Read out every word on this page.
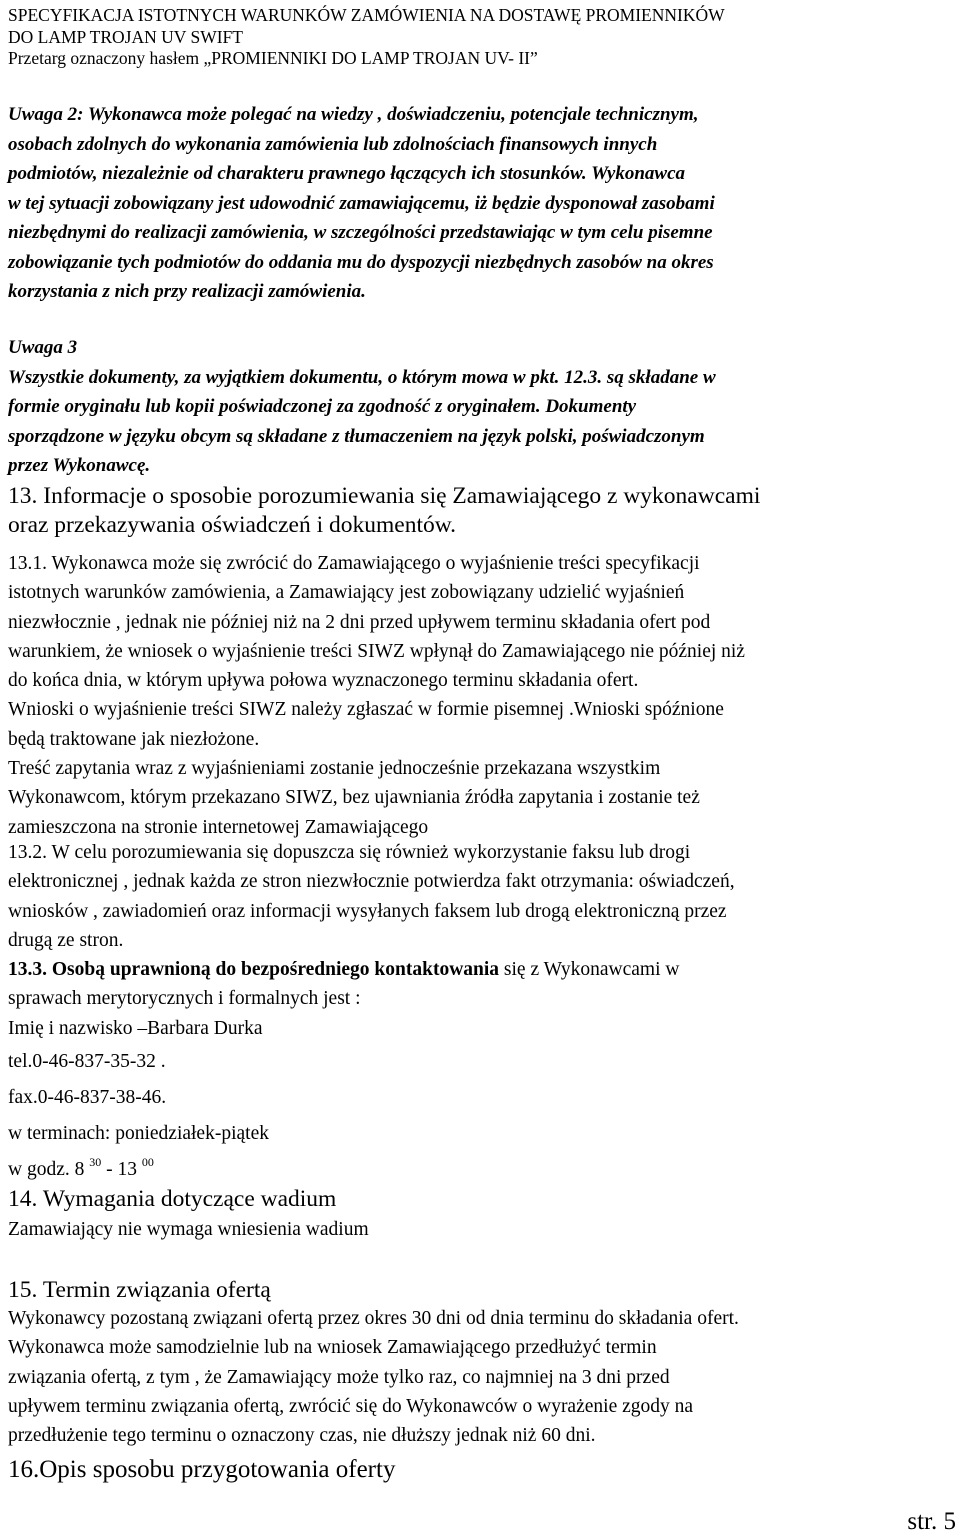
SPECYFIKACJA ISTOTNYCH WARUNKÓW ZAMÓWIENIA NA DOSTAWĘ PROMIENNIKÓW
DO LAMP TROJAN UV SWIFT
Przetarg oznaczony hasłem „PROMIENNIKI DO LAMP TROJAN UV- II”
Uwaga 2: Wykonawca może polegać na wiedzy , doświadczeniu, potencjale technicznym,
osobach zdolnych do wykonania zamówienia lub zdolnościach finansowych innych
podmiotów, niezależnie od charakteru prawnego łączących ich stosunków. Wykonawca
w tej sytuacji zobowiązany jest udowodnić zamawiającemu, iż będzie dysponował zasobami
niezbędnymi do realizacji zamówienia, w szczególności przedstawiając w tym celu pisemne
zobowiązanie tych podmiotów do oddania mu do dyspozycji niezbędnych zasobów na okres
korzystania z nich przy realizacji zamówienia.
Uwaga 3
Wszystkie dokumenty, za wyjątkiem dokumentu, o którym mowa w pkt. 12.3. są składane w
formie oryginału lub kopii poświadczonej za zgodność z oryginałem. Dokumenty
sporządzone w języku obcym są składane z tłumaczeniem na język polski, poświadczonym
przez Wykonawcę.
13. Informacje o sposobie porozumiewania się Zamawiającego z wykonawcami
oraz przekazywania oświadczeń i dokumentów.
13.1. Wykonawca może się zwrócić do Zamawiającego o wyjaśnienie treści specyfikacji
istotnych warunków zamówienia, a Zamawiający jest zobowiązany udzielić wyjaśnień
niezwłocznie , jednak nie później niż na 2 dni przed upływem terminu składania ofert pod
warunkiem, że wniosek o wyjaśnienie treści SIWZ wpłynął do Zamawiającego nie później niż
do końca dnia, w którym upływa połowa wyznaczonego terminu składania ofert.
Wnioski o wyjaśnienie treści SIWZ należy zgłaszać w formie pisemnej .Wnioski spóźnione
będą traktowane jak niezłożone.
Treść zapytania wraz z wyjaśnieniami zostanie jednocześnie przekazana wszystkim
Wykonawcom, którym przekazano SIWZ, bez ujawniania źródła zapytania i zostanie też
zamieszczona na stronie internetowej Zamawiającego
13.2. W celu porozumiewania się dopuszcza się również wykorzystanie faksu lub drogi
elektronicznej , jednak każda ze stron niezwłocznie potwierdza fakt otrzymania: oświadczeń,
wniosków , zawiadomień oraz informacji wysyłanych faksem lub drogą elektroniczną przez
drugą ze stron.
13.3. Osobą uprawnioną do bezpośredniego kontaktowania się z Wykonawcami w
sprawach merytorycznych i formalnych jest :
Imię i nazwisko –Barbara Durka
tel.0-46-837-35-32 .
fax.0-46-837-38-46.
w terminach: poniedziałek-piątek
w godz. 8 $^{30}$ - 13 $^{00}$
14. Wymagania dotyczące wadium
Zamawiający nie wymaga wniesienia wadium
15. Termin związania ofertą
Wykonawcy pozostaną związani ofertą przez okres 30 dni od dnia terminu do składania ofert.
Wykonawca może samodzielnie lub na wniosek Zamawiającego przedłużyć termin
związania ofertą, z tym , że Zamawiający może tylko raz, co najmniej na 3 dni przed
upływem terminu związania ofertą, zwrócić się do Wykonawców o wyrażenie zgody na
przedłużenie tego terminu o oznaczony czas, nie dłuższy jednak niż 60 dni.
16.Opis sposobu przygotowania oferty
str. 5
